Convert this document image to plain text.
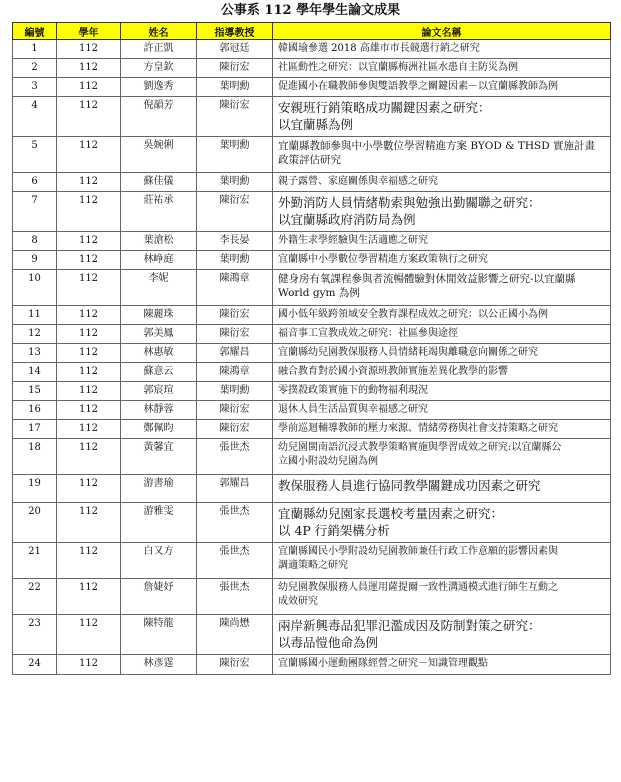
公事系 112 學年學生論文成果
編號	學年	姓名	指導教授	論文名稱
1	112	許正凱	郭冠廷	韓國瑜參選 2018 高雄市市長競選行銷之研究

2	112	方皇欽	陳衍宏	社區動性之研究：以宜蘭縣梅洲社區水患自主防災為例

3	112	劉逸秀	葉明勳	促進國小在職教師參與雙語教學之關鍵因素－以宜蘭縣教師為例

4	112	倪韻芳	陳衍宏	安親班行銷策略成功關鍵因素之研究：
以宜蘭縣為例

5	112	吳婉俐	葉明勳	宜蘭縣教師參與中小學數位學習精進方案 BYOD & THSD 實施計畫
政策評估研究

6	112	蘇佳儀	葉明勳	親子露營、家庭關係與幸福感之研究

7	112	莊祐承	陳衍宏	外勤消防人員情緒勒索與勉強出勤關聯之研究：
以宜蘭縣政府消防局為例

8	112	葉滄松	李長晏	外籍生求學經驗與生活適應之研究

9	112	林峥庭	葉明勳	宜蘭縣中小學數位學習精進方案政策執行之研究

10	112	李妮	陳鴻章	健身房有氧課程參與者流暢體驗對休閒效益影響之研究-以宜蘭縣
World gym 為例

11	112	陳麗珠	陳衍宏	國小低年級跨領域安全教育課程成效之研究：以公正國小為例

12	112	郭美鳳	陳衍宏	福音事工宣教成效之研究：社區參與途徑

13	112	林惠敏	郭耀昌	宜蘭縣幼兒園教保服務人員情緒耗竭與離職意向關係之研究

14	112	蘇意云	陳鴻章	融合教育對於國小資源班教師實施差異化教學的影響

15	112	郭宸瑄	葉明勳	零撲殺政策實施下的動物福利現況

16	112	林靜蓉	陳衍宏	退休人員生活品質與幸福感之研究

17	112	鄭佩昀	陳衍宏	學前巡迴輔導教師的壓力來源、情緒勞務與社會支持策略之研究

18	112	黃馨宜	張世杰	幼兒園閩南語沉浸式教學策略實施與學習成效之研究:以宜蘭縣公
立國小附設幼兒園為例

19	112	游書瑜	郭耀昌	教保服務人員進行協同教學關鍵成功因素之研究

20	112	游雅雯	張世杰	宜蘭縣幼兒園家長選校考量因素之研究：
以 4P 行銷架構分析

21	112	白又方	張世杰	宜蘭縣國民小學附設幼兒園教師兼任行政工作意願的影響因素與
調適策略之研究

22	112	詹婕妤	張世杰	幼兒園教保服務人員運用薩提爾一致性溝通模式進行師生互動之
成效研究

23	112	陳特龍	陳尚懋	兩岸新興毒品犯罪氾濫成因及防制對策之研究：
以毒品愷他命為例

24	112	林彥霆	陳衍宏	宜蘭縣國小運動團隊經營之研究－知識管理觀點
